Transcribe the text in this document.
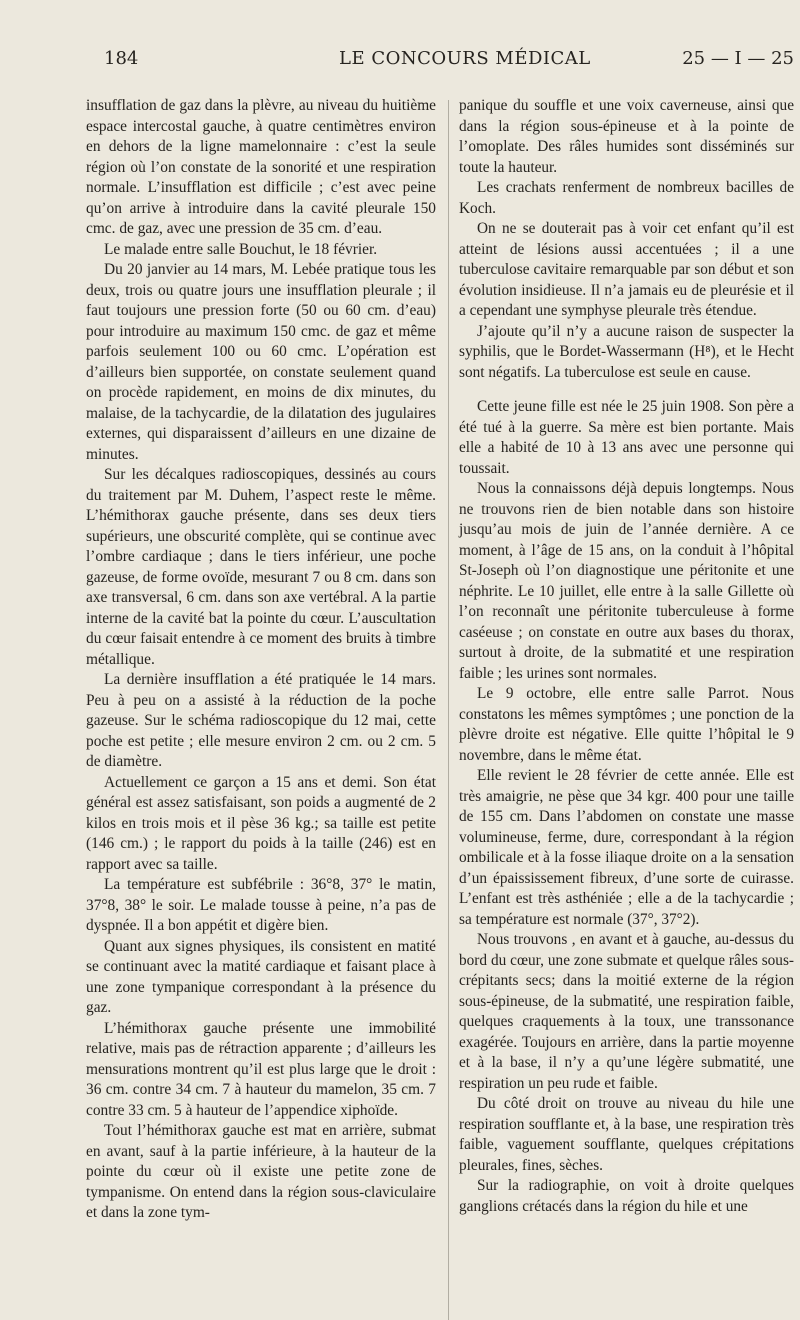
184	LE CONCOURS MÉDICAL	25 — I — 25

insufflation de gaz dans la plèvre, au niveau du huitième espace intercostal gauche, à quatre centimètres environ en dehors de la ligne mamelonnaire : c’est la seule région où l’on constate de la sonorité et une respiration normale. L’insufflation est difficile ; c’est avec peine qu’on arrive à introduire dans la cavité pleurale 150 cmc. de gaz, avec une pression de 35 cm. d’eau.

Le malade entre salle Bouchut, le 18 février.

Du 20 janvier au 14 mars, M. Lebée pratique tous les deux, trois ou quatre jours une insufflation pleurale ; il faut toujours une pression forte (50 ou 60 cm. d’eau) pour introduire au maximum 150 cmc. de gaz et même parfois seulement 100 ou 60 cmc. L’opération est d’ailleurs bien supportée, on constate seulement quand on procède rapidement, en moins de dix minutes, du malaise, de la tachycardie, de la dilatation des jugulaires externes, qui disparaissent d’ailleurs en une dizaine de minutes.

Sur les décalques radioscopiques, dessinés au cours du traitement par M. Duhem, l’aspect reste le même. L’hémithorax gauche présente, dans ses deux tiers supérieurs, une obscurité complète, qui se continue avec l’ombre cardiaque ; dans le tiers inférieur, une poche gazeuse, de forme ovoïde, mesurant 7 ou 8 cm. dans son axe transversal, 6 cm. dans son axe vertébral. A la partie interne de la cavité bat la pointe du cœur. L’auscultation du cœur faisait entendre à ce moment des bruits à timbre métallique.

La dernière insufflation a été pratiquée le 14 mars. Peu à peu on a assisté à la réduction de la poche gazeuse. Sur le schéma radioscopique du 12 mai, cette poche est petite ; elle mesure environ 2 cm. ou 2 cm. 5 de diamètre.

Actuellement ce garçon a 15 ans et demi. Son état général est assez satisfaisant, son poids a augmenté de 2 kilos en trois mois et il pèse 36 kg.; sa taille est petite (146 cm.) ; le rapport du poids à la taille (246) est en rapport avec sa taille.

La température est subfébrile : 36°8, 37° le matin, 37°8, 38° le soir. Le malade tousse à peine, n’a pas de dyspnée. Il a bon appétit et digère bien.

Quant aux signes physiques, ils consistent en matité se continuant avec la matité cardiaque et faisant place à une zone tympanique correspondant à la présence du gaz.

L’hémithorax gauche présente une immobilité relative, mais pas de rétraction apparente ; d’ailleurs les mensurations montrent qu’il est plus large que le droit : 36 cm. contre 34 cm. 7 à hauteur du mamelon, 35 cm. 7 contre 33 cm. 5 à hauteur de l’appendice xiphoïde.

Tout l’hémithorax gauche est mat en arrière, submat en avant, sauf à la partie inférieure, à la hauteur de la pointe du cœur où il existe une petite zone de tympanisme. On entend dans la région sous-claviculaire et dans la zone tym-

panique du souffle et une voix caverneuse, ainsi que dans la région sous-épineuse et à la pointe de l’omoplate. Des râles humides sont disséminés sur toute la hauteur.

Les crachats renferment de nombreux bacilles de Koch.

On ne se douterait pas à voir cet enfant qu’il est atteint de lésions aussi accentuées ; il a une tuberculose cavitaire remarquable par son début et son évolution insidieuse. Il n’a jamais eu de pleurésie et il a cependant une symphyse pleurale très étendue.

J’ajoute qu’il n’y a aucune raison de suspecter la syphilis, que le Bordet-Wassermann (H⁸), et le Hecht sont négatifs. La tuberculose est seule en cause.

Cette jeune fille est née le 25 juin 1908. Son père a été tué à la guerre. Sa mère est bien portante. Mais elle a habité de 10 à 13 ans avec une personne qui toussait.

Nous la connaissons déjà depuis longtemps. Nous ne trouvons rien de bien notable dans son histoire jusqu’au mois de juin de l’année dernière. A ce moment, à l’âge de 15 ans, on la conduit à l’hôpital St-Joseph où l’on diagnostique une péritonite et une néphrite. Le 10 juillet, elle entre à la salle Gillette où l’on reconnaît une péritonite tuberculeuse à forme caséeuse ; on constate en outre aux bases du thorax, surtout à droite, de la submatité et une respiration faible ; les urines sont normales.

Le 9 octobre, elle entre salle Parrot. Nous constatons les mêmes symptômes ; une ponction de la plèvre droite est négative. Elle quitte l’hôpital le 9 novembre, dans le même état.

Elle revient le 28 février de cette année. Elle est très amaigrie, ne pèse que 34 kgr. 400 pour une taille de 155 cm. Dans l’abdomen on constate une masse volumineuse, ferme, dure, correspondant à la région ombilicale et à la fosse iliaque droite on a la sensation d’un épaississement fibreux, d’une sorte de cuirasse. L’enfant est très asthéniée ; elle a de la tachycardie ; sa température est normale (37°, 37°2).

Nous trouvons , en avant et à gauche, au-dessus du bord du cœur, une zone submate et quelque râles sous-crépitants secs; dans la moitié externe de la région sous-épineuse, de la submatité, une respiration faible, quelques craquements à la toux, une transsonance exagérée. Toujours en arrière, dans la partie moyenne et à la base, il n’y a qu’une légère submatité, une respiration un peu rude et faible.

Du côté droit on trouve au niveau du hile une respiration soufflante et, à la base, une respiration très faible, vaguement soufflante, quelques crépitations pleurales, fines, sèches.

Sur la radiographie, on voit à droite quelques ganglions crétacés dans la région du hile et une
